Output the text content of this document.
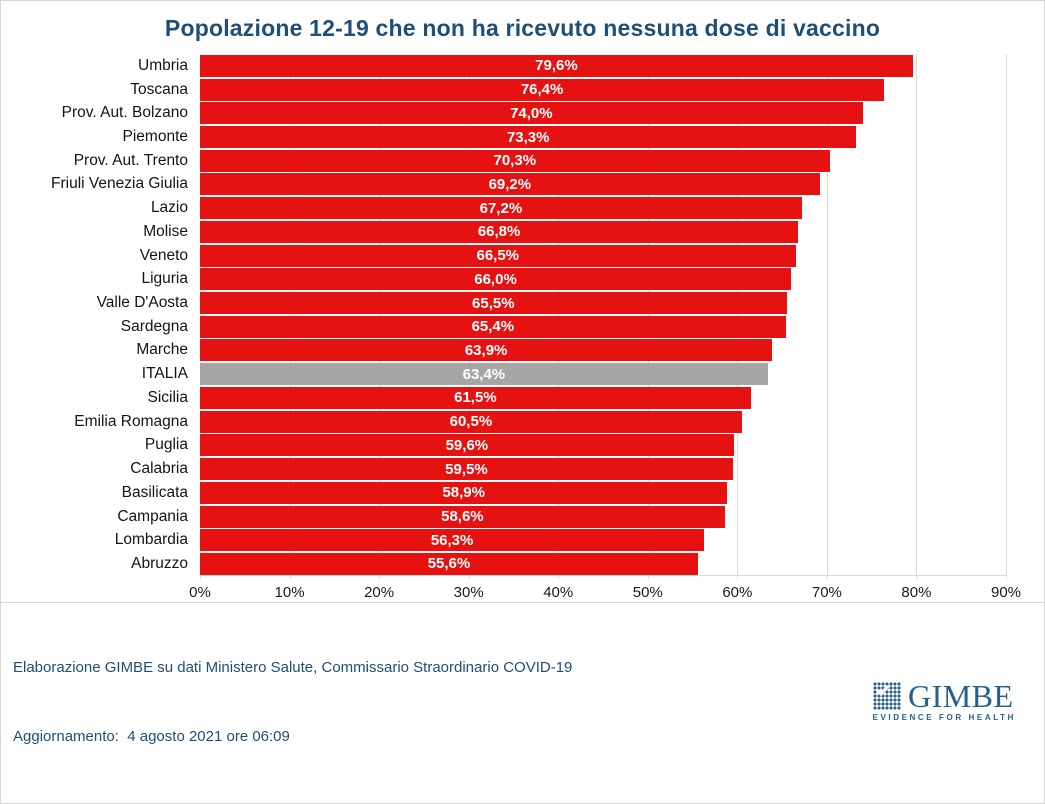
Popolazione 12-19 che non ha ricevuto nessuna dose di vaccino
Umbria	79,6%
Toscana	76,4%
Prov. Aut. Bolzano	74,0%
Piemonte	73,3%
Prov. Aut. Trento	70,3%
Friuli Venezia Giulia	69,2%
Lazio	67,2%
Molise	66,8%
Veneto	66,5%
Liguria	66,0%
Valle D'Aosta	65,5%
Sardegna	65,4%
Marche	63,9%
ITALIA	63,4%
Sicilia	61,5%
Emilia Romagna	60,5%
Puglia	59,6%
Calabria	59,5%
Basilicata	58,9%
Campania	58,6%
Lombardia	56,3%
Abruzzo	55,6%
0%	10%	20%	30%	40%	50%	60%	70%	80%	90%

Elaborazione GIMBE su dati Ministero Salute, Commissario Straordinario COVID-19

Aggiornamento:  4 agosto 2021 ore 06:09

GIMBE
EVIDENCE FOR HEALTH
